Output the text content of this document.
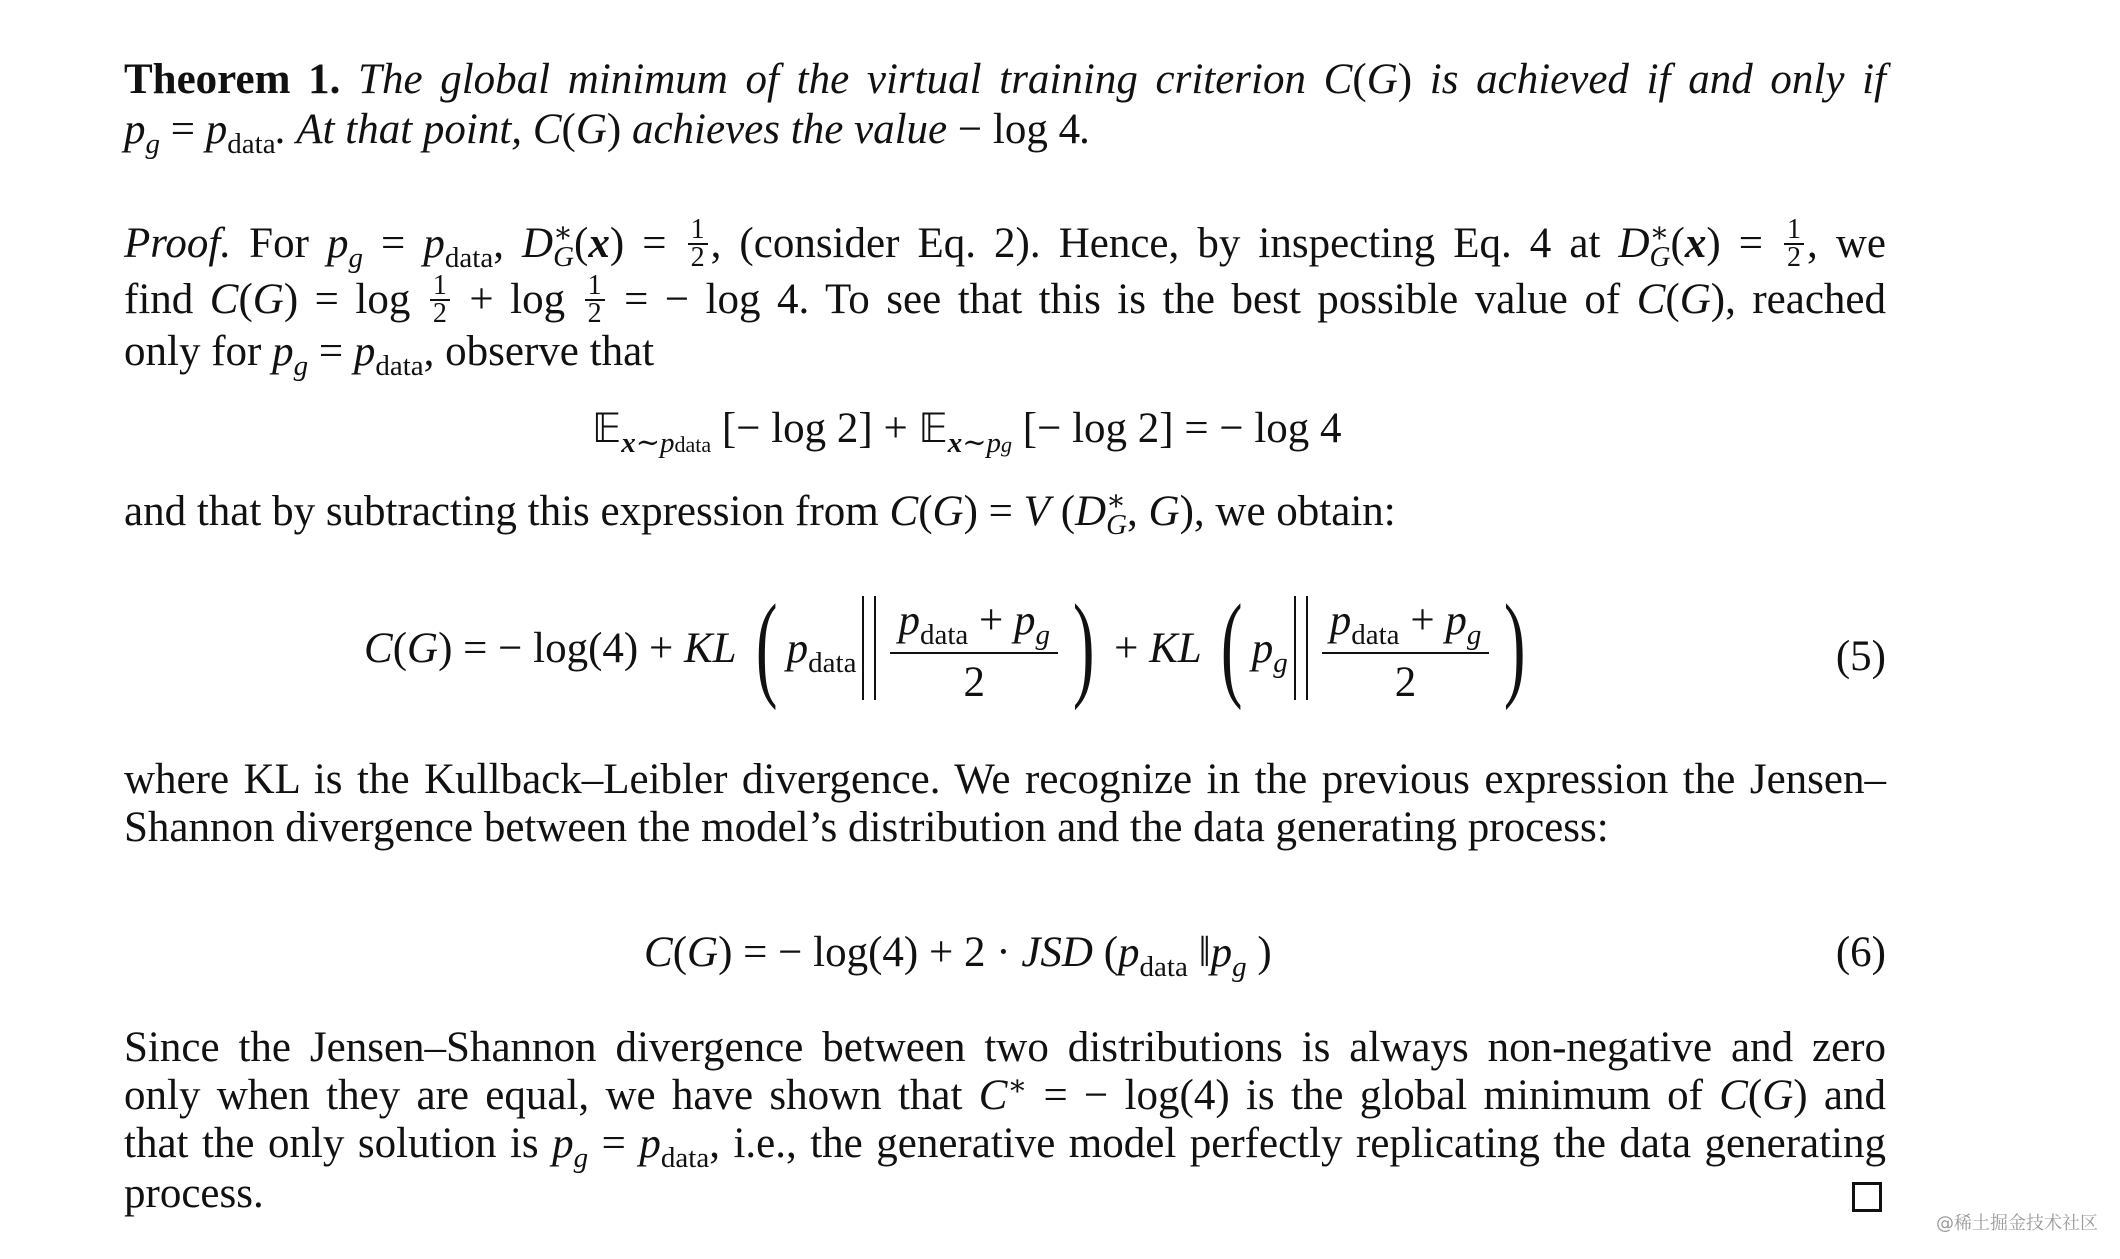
Theorem 1. The global minimum of the virtual training criterion C(G) is achieved if and only if
$p_g = p_{data}$. At that point, C(G) achieves the value − log 4.
Proof. For $p_g = p_{data}$, D ∗
G $(x) = \frac{1}{2}$ , (consider Eq. 2). Hence, by inspecting Eq. 4 at D ∗
G $(x) = \frac{1}{2}$ , we
find $C(G) = \log \frac{1}{2} + \log \frac{1}{2}$ = − log 4. To see that this is the best possible value of C(G), reached
only for $p_g = p_{data}$, observe that
𝔼$_{x\sim pdata}$ [− log 2] + 𝔼$_{x\sim pg}$ [− log 2] = − log 4
and that by subtracting this expression from C(G) = V (D ∗
G , G), we obtain:
C(G) = − log(4) + KL ( $p_{data} \frac{p_{data} + p_g}{2}$ ) + KL ( $p_g \frac{p_{data} + p_g}{2}$ )	(5)
where KL is the Kullback–Leibler divergence. We recognize in the previous expression the Jensen–
Shannon divergence between the model’s distribution and the data generating process:
C(G) = − log(4) + 2 · JSD ($p_{data}$ $‖p_g$ )	(6)
Since the Jensen–Shannon divergence between two distributions is always non-negative and zero
only when they are equal, we have shown that C∗ = − log(4) is the global minimum of C(G) and
that the only solution is $p_g = p_{data}$, i.e., the generative model perfectly replicating the data generating
process.
@稀土掘金技术社区
